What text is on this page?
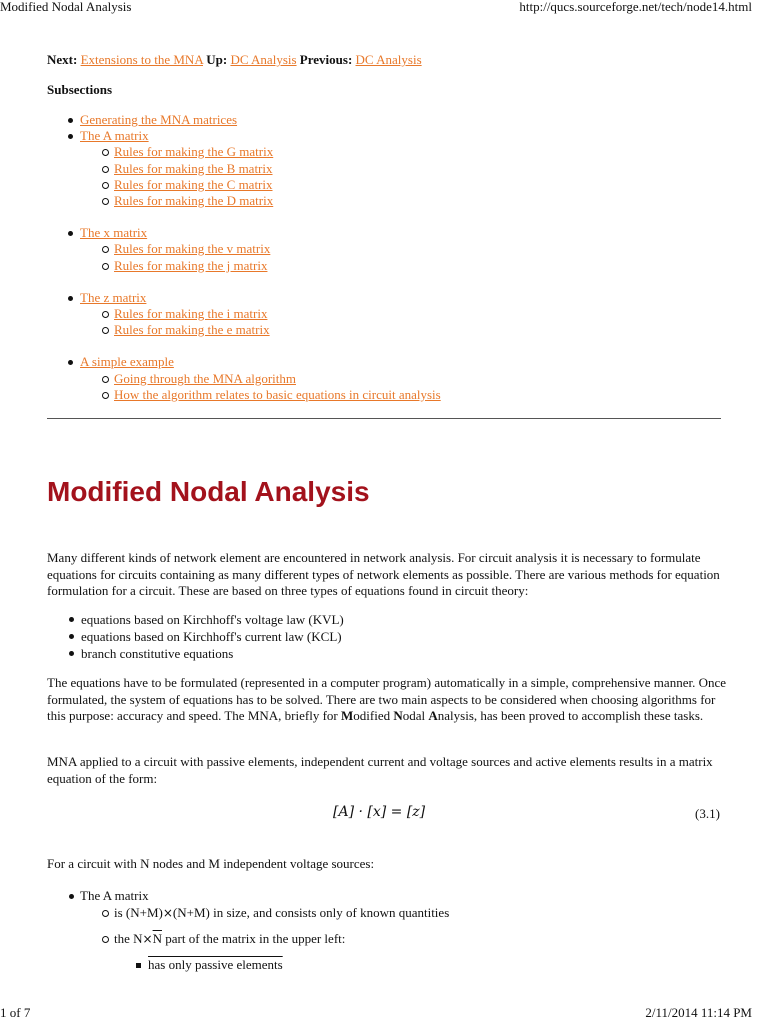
Modified Nodal Analysis	http://qucs.sourceforge.net/tech/node14.html
Next: Extensions to the MNA Up: DC Analysis Previous: DC Analysis
Subsections
Generating the MNA matrices
The A matrix
Rules for making the G matrix
Rules for making the B matrix
Rules for making the C matrix
Rules for making the D matrix
The x matrix
Rules for making the v matrix
Rules for making the j matrix
The z matrix
Rules for making the i matrix
Rules for making the e matrix
A simple example
Going through the MNA algorithm
How the algorithm relates to basic equations in circuit analysis
Modified Nodal Analysis

Many different kinds of network element are encountered in network analysis. For circuit analysis it is necessary to formulate equations for circuits containing as many different types of network elements as possible. There are various methods for equation formulation for a circuit. These are based on three types of equations found in circuit theory:

equations based on Kirchhoff's voltage law (KVL)
equations based on Kirchhoff's current law (KCL)
branch constitutive equations

The equations have to be formulated (represented in a computer program) automatically in a simple, comprehensive manner. Once formulated, the system of equations has to be solved. There are two main aspects to be considered when choosing algorithms for this purpose: accuracy and speed. The MNA, briefly for Modified Nodal Analysis, has been proved to accomplish these tasks.

MNA applied to a circuit with passive elements, independent current and voltage sources and active elements results in a matrix equation of the form:

[A] · [x] = [z]	(3.1)

For a circuit with N nodes and M independent voltage sources:

The A matrix
is (N+M)×(N+M) in size, and consists only of known quantities
the $N\times\overline{N}$ part of the matrix in the upper left:
has only passive elements
1 of 7	2/11/2014 11:14 PM
